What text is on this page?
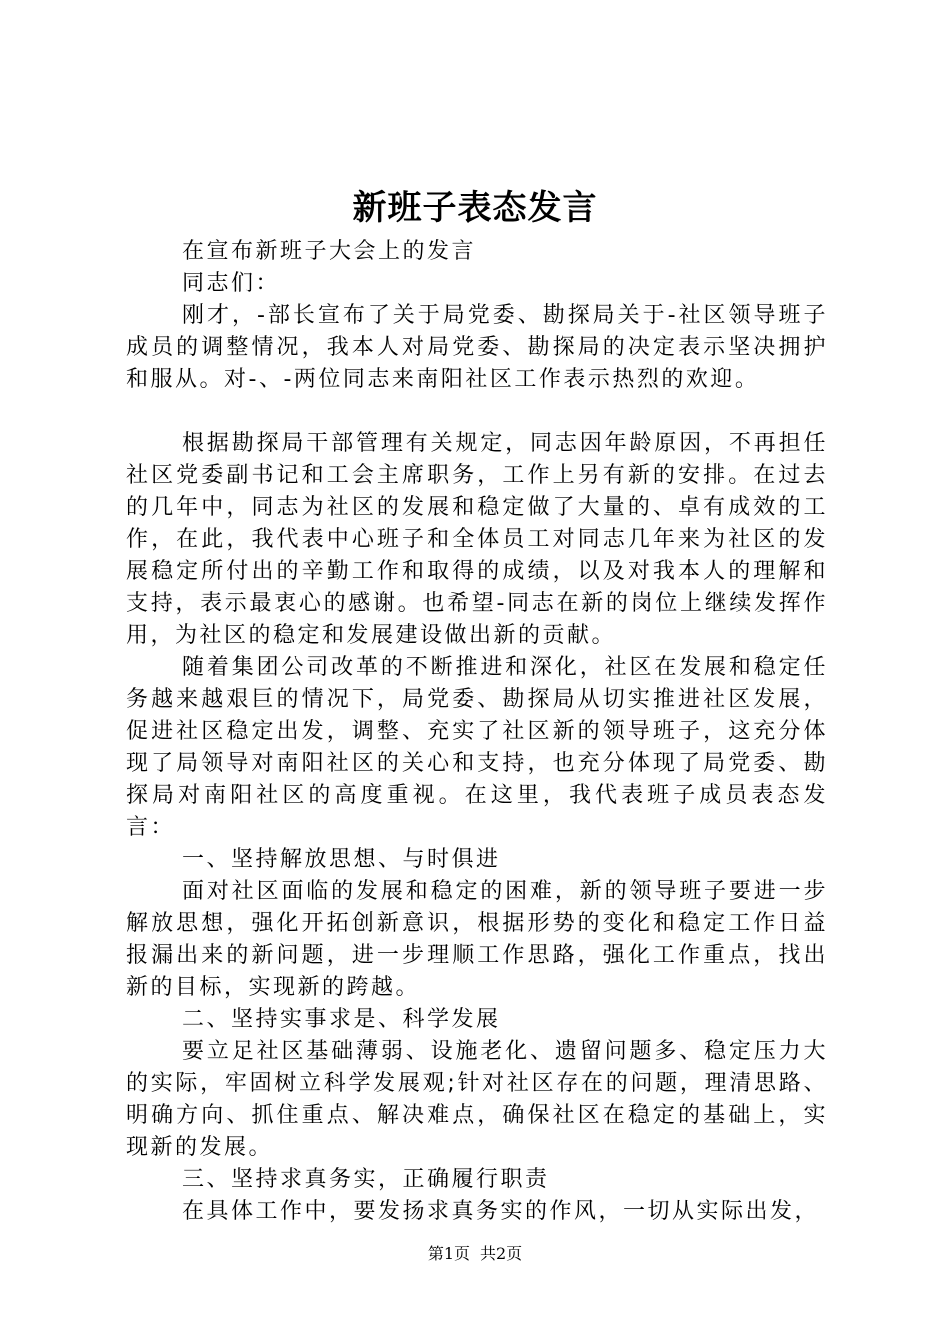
新班子表态发言

在宣布新班子大会上的发言

同志们：

刚才，-部长宣布了关于局党委、勘探局关于-社区领导班子成员的调整情况，我本人对局党委、勘探局的决定表示坚决拥护和服从。对-、-两位同志来南阳社区工作表示热烈的欢迎。

根据勘探局干部管理有关规定，同志因年龄原因，不再担任社区党委副书记和工会主席职务，工作上另有新的安排。在过去的几年中，同志为社区的发展和稳定做了大量的、卓有成效的工作，在此，我代表中心班子和全体员工对同志几年来为社区的发展稳定所付出的辛勤工作和取得的成绩，以及对我本人的理解和支持，表示最衷心的感谢。也希望-同志在新的岗位上继续发挥作用，为社区的稳定和发展建设做出新的贡献。

随着集团公司改革的不断推进和深化，社区在发展和稳定任务越来越艰巨的情况下，局党委、勘探局从切实推进社区发展，促进社区稳定出发，调整、充实了社区新的领导班子，这充分体现了局领导对南阳社区的关心和支持，也充分体现了局党委、勘探局对南阳社区的高度重视。在这里，我代表班子成员表态发言：

一、坚持解放思想、与时俱进

面对社区面临的发展和稳定的困难，新的领导班子要进一步解放思想，强化开拓创新意识，根据形势的变化和稳定工作日益报漏出来的新问题，进一步理顺工作思路，强化工作重点，找出新的目标，实现新的跨越。

二、坚持实事求是、科学发展

要立足社区基础薄弱、设施老化、遗留问题多、稳定压力大的实际，牢固树立科学发展观;针对社区存在的问题，理清思路、明确方向、抓住重点、解决难点，确保社区在稳定的基础上，实现新的发展。

三、坚持求真务实，正确履行职责

在具体工作中，要发扬求真务实的作风，一切从实际出发，

第1页 共2页
